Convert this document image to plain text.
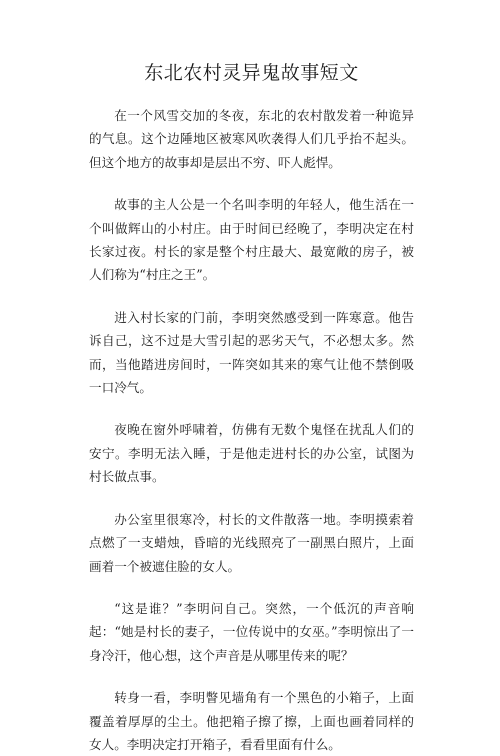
东北农村灵异鬼故事短文

在一个风雪交加的冬夜，东北的农村散发着一种诡异的气息。这个边陲地区被寒风吹袭得人们几乎抬不起头。但这个地方的故事却是层出不穷、吓人彪悍。

故事的主人公是一个名叫李明的年轻人，他生活在一个叫做辉山的小村庄。由于时间已经晚了，李明决定在村长家过夜。村长的家是整个村庄最大、最宽敞的房子，被人们称为“村庄之王”。

进入村长家的门前，李明突然感受到一阵寒意。他告诉自己，这不过是大雪引起的恶劣天气，不必想太多。然而，当他踏进房间时，一阵突如其来的寒气让他不禁倒吸一口冷气。

夜晚在窗外呼啸着，仿佛有无数个鬼怪在扰乱人们的安宁。李明无法入睡，于是他走进村长的办公室，试图为村长做点事。

办公室里很寒冷，村长的文件散落一地。李明摸索着点燃了一支蜡烛，昏暗的光线照亮了一副黑白照片，上面画着一个被遮住脸的女人。

“这是谁？”李明问自己。突然，一个低沉的声音响起：“她是村长的妻子，一位传说中的女巫。”李明惊出了一身冷汗，他心想，这个声音是从哪里传来的呢？

转身一看，李明瞥见墙角有一个黑色的小箱子，上面覆盖着厚厚的尘土。他把箱子擦了擦，上面也画着同样的女人。李明决定打开箱子，看看里面有什么。
